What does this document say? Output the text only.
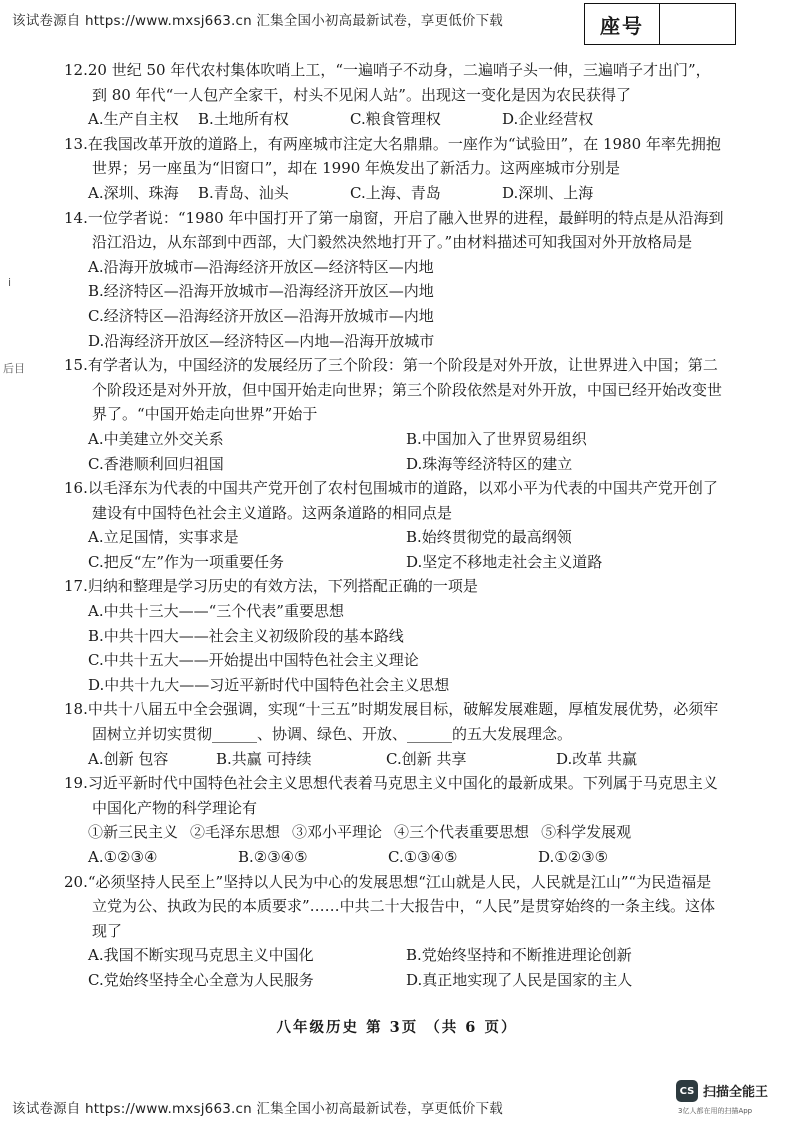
该试卷源自 https://www.mxsj663.cn 汇集全国小初高最新试卷，享更低价下载	座号
i
后目

12.20 世纪 50 年代农村集体吹哨上工，“一遍哨子不动身，二遍哨子头一伸，三遍哨子才出门”，到 80 年代“一人包产全家干，村头不见闲人站”。出现这一变化是因为农民获得了

A.生产自主权	B.土地所有权	C.粮食管理权	D.企业经营权

13.在我国改革开放的道路上，有两座城市注定大名鼎鼎。一座作为“试验田”，在 1980 年率先拥抱世界；另一座虽为“旧窗口”，却在 1990 年焕发出了新活力。这两座城市分别是

A.深圳、珠海	B.青岛、汕头	C.上海、青岛	D.深圳、上海

14.一位学者说：“1980 年中国打开了第一扇窗，开启了融入世界的进程，最鲜明的特点是从沿海到沿江沿边，从东部到中西部，大门毅然决然地打开了。”由材料描述可知我国对外开放格局是

A.沿海开放城市—沿海经济开放区—经济特区—内地

B.经济特区—沿海开放城市—沿海经济开放区—内地

C.经济特区—沿海经济开放区—沿海开放城市—内地

D.沿海经济开放区—经济特区—内地—沿海开放城市

15.有学者认为，中国经济的发展经历了三个阶段：第一个阶段是对外开放，让世界进入中国；第二个阶段还是对外开放，但中国开始走向世界；第三个阶段依然是对外开放，中国已经开始改变世界了。“中国开始走向世界”开始于

A.中美建立外交关系	B.中国加入了世界贸易组织
C.香港顺利回归祖国	D.珠海等经济特区的建立

16.以毛泽东为代表的中国共产党开创了农村包围城市的道路，以邓小平为代表的中国共产党开创了建设有中国特色社会主义道路。这两条道路的相同点是

A.立足国情，实事求是	B.始终贯彻党的最高纲领
C.把反“左”作为一项重要任务	D.坚定不移地走社会主义道路

17.归纳和整理是学习历史的有效方法，下列搭配正确的一项是

A.中共十三大——“三个代表”重要思想

B.中共十四大——社会主义初级阶段的基本路线

C.中共十五大——开始提出中国特色社会主义理论

D.中共十九大——习近平新时代中国特色社会主义思想

18.中共十八届五中全会强调，实现“十三五”时期发展目标，破解发展难题，厚植发展优势，必须牢固树立并切实贯彻______、协调、绿色、开放、______的五大发展理念。

A.创新 包容	B.共赢 可持续	C.创新 共享	D.改革 共赢

19.习近平新时代中国特色社会主义思想代表着马克思主义中国化的最新成果。下列属于马克思主义中国化产物的科学理论有

①新三民主义 ②毛泽东思想 ③邓小平理论 ④三个代表重要思想 ⑤科学发展观
A.①②③④	B.②③④⑤	C.①③④⑤	D.①②③⑤

20.“必须坚持人民至上”坚持以人民为中心的发展思想“江山就是人民，人民就是江山”“为民造福是立党为公、执政为民的本质要求”……中共二十大报告中，“人民”是贯穿始终的一条主线。这体现了

A.我国不断实现马克思主义中国化	B.党始终坚持和不断推进理论创新
C.党始终坚持全心全意为人民服务	D.真正地实现了人民是国家的主人
八年级历史 第 3页 （共 6 页）
该试卷源自 https://www.mxsj663.cn 汇集全国小初高最新试卷，享更低价下载
CS 扫描全能王
3亿人都在用的扫描App
